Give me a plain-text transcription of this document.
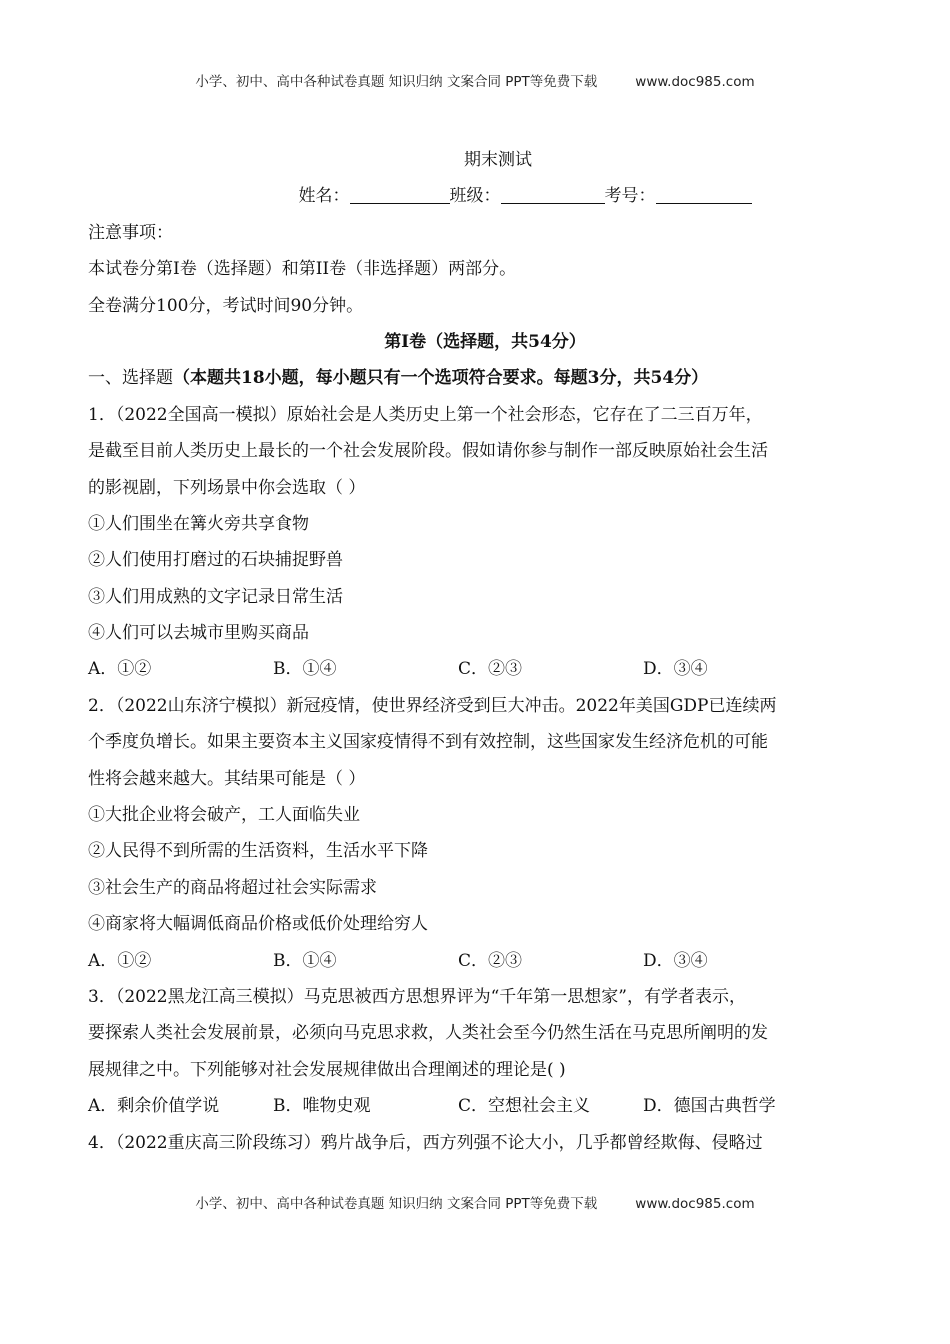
小学、初中、高中各种试卷真题 知识归纳 文案合同 PPT等免费下载	www.doc985.com
期末测试
姓名：	班级：	考号：
注意事项：
本试卷分第I卷（选择题）和第II卷（非选择题）两部分。
全卷满分100分，考试时间90分钟。
第I卷（选择题，共54分）
一、选择题（本题共18小题，每小题只有一个选项符合要求。每题3分，共54分）
1．（2022全国高一模拟）原始社会是人类历史上第一个社会形态，它存在了二三百万年，
是截至目前人类历史上最长的一个社会发展阶段。假如请你参与制作一部反映原始社会生活
的影视剧，下列场景中你会选取（ ）
①人们围坐在篝火旁共享食物
②人们使用打磨过的石块捕捉野兽
③人们用成熟的文字记录日常生活
④人们可以去城市里购买商品
A．①②	B．①④	C．②③	D．③④
2．（2022山东济宁模拟）新冠疫情，使世界经济受到巨大冲击。2022年美国GDP已连续两
个季度负增长。如果主要资本主义国家疫情得不到有效控制，这些国家发生经济危机的可能
性将会越来越大。其结果可能是（ ）
①大批企业将会破产，工人面临失业
②人民得不到所需的生活资料，生活水平下降
③社会生产的商品将超过社会实际需求
④商家将大幅调低商品价格或低价处理给穷人
A．①②	B．①④	C．②③	D．③④
3．（2022黑龙江高三模拟）马克思被西方思想界评为“千年第一思想家”，有学者表示，
要探索人类社会发展前景，必须向马克思求救，人类社会至今仍然生活在马克思所阐明的发
展规律之中。下列能够对社会发展规律做出合理阐述的理论是( )
A．剩余价值学说	B．唯物史观	C．空想社会主义	D．德国古典哲学
4．（2022重庆高三阶段练习）鸦片战争后，西方列强不论大小，几乎都曾经欺侮、侵略过
小学、初中、高中各种试卷真题 知识归纳 文案合同 PPT等免费下载	www.doc985.com
